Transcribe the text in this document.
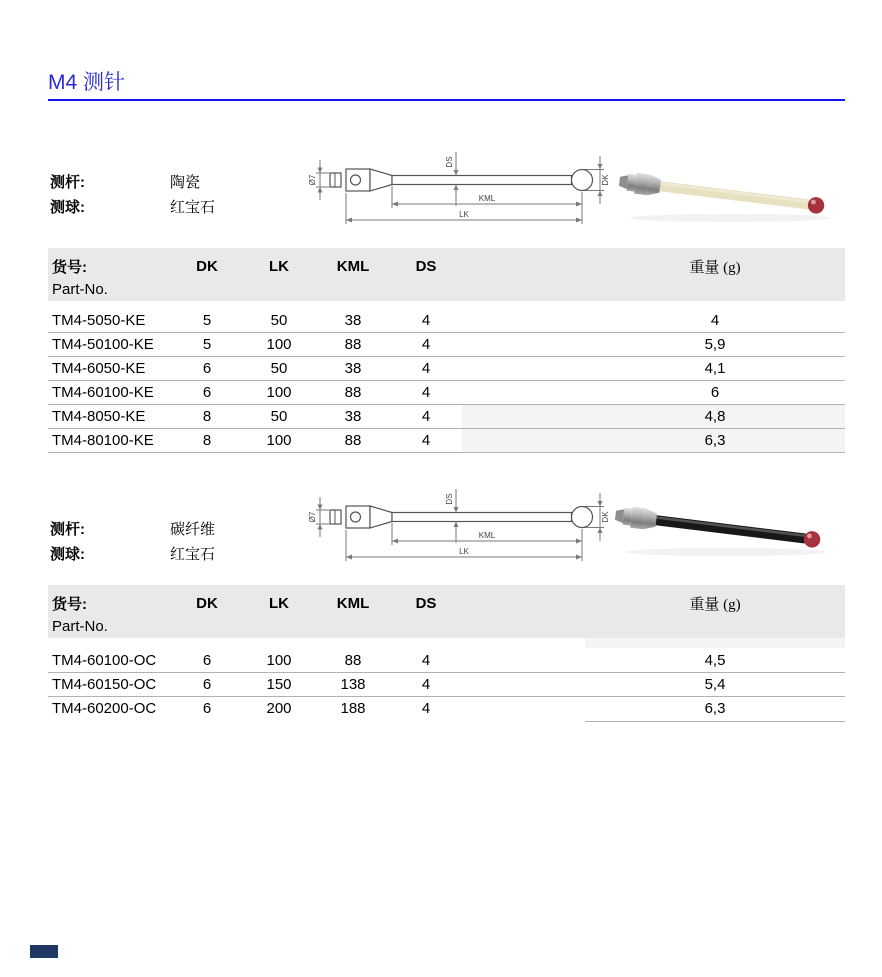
M4 测针
测杆:	陶瓷
测球:	红宝石
Ø7
DS
KML
LK
DK
货号:	DK	LK	KML	DS	重量 (g)
Part-No.
TM4-5050-KE	5	50	38	4	4
TM4-50100-KE	5	100	88	4	5,9
TM4-6050-KE	6	50	38	4	4,1
TM4-60100-KE	6	100	88	4	6
TM4-8050-KE	8	50	38	4	4,8
TM4-80100-KE	8	100	88	4	6,3
测杆:	碳纤维
测球:	红宝石
Ø7
DS
KML
LK
DK
货号:	DK	LK	KML	DS	重量 (g)
Part-No.
TM4-60100-OC	6	100	88	4	4,5
TM4-60150-OC	6	150	138	4	5,4
TM4-60200-OC	6	200	188	4	6,3
